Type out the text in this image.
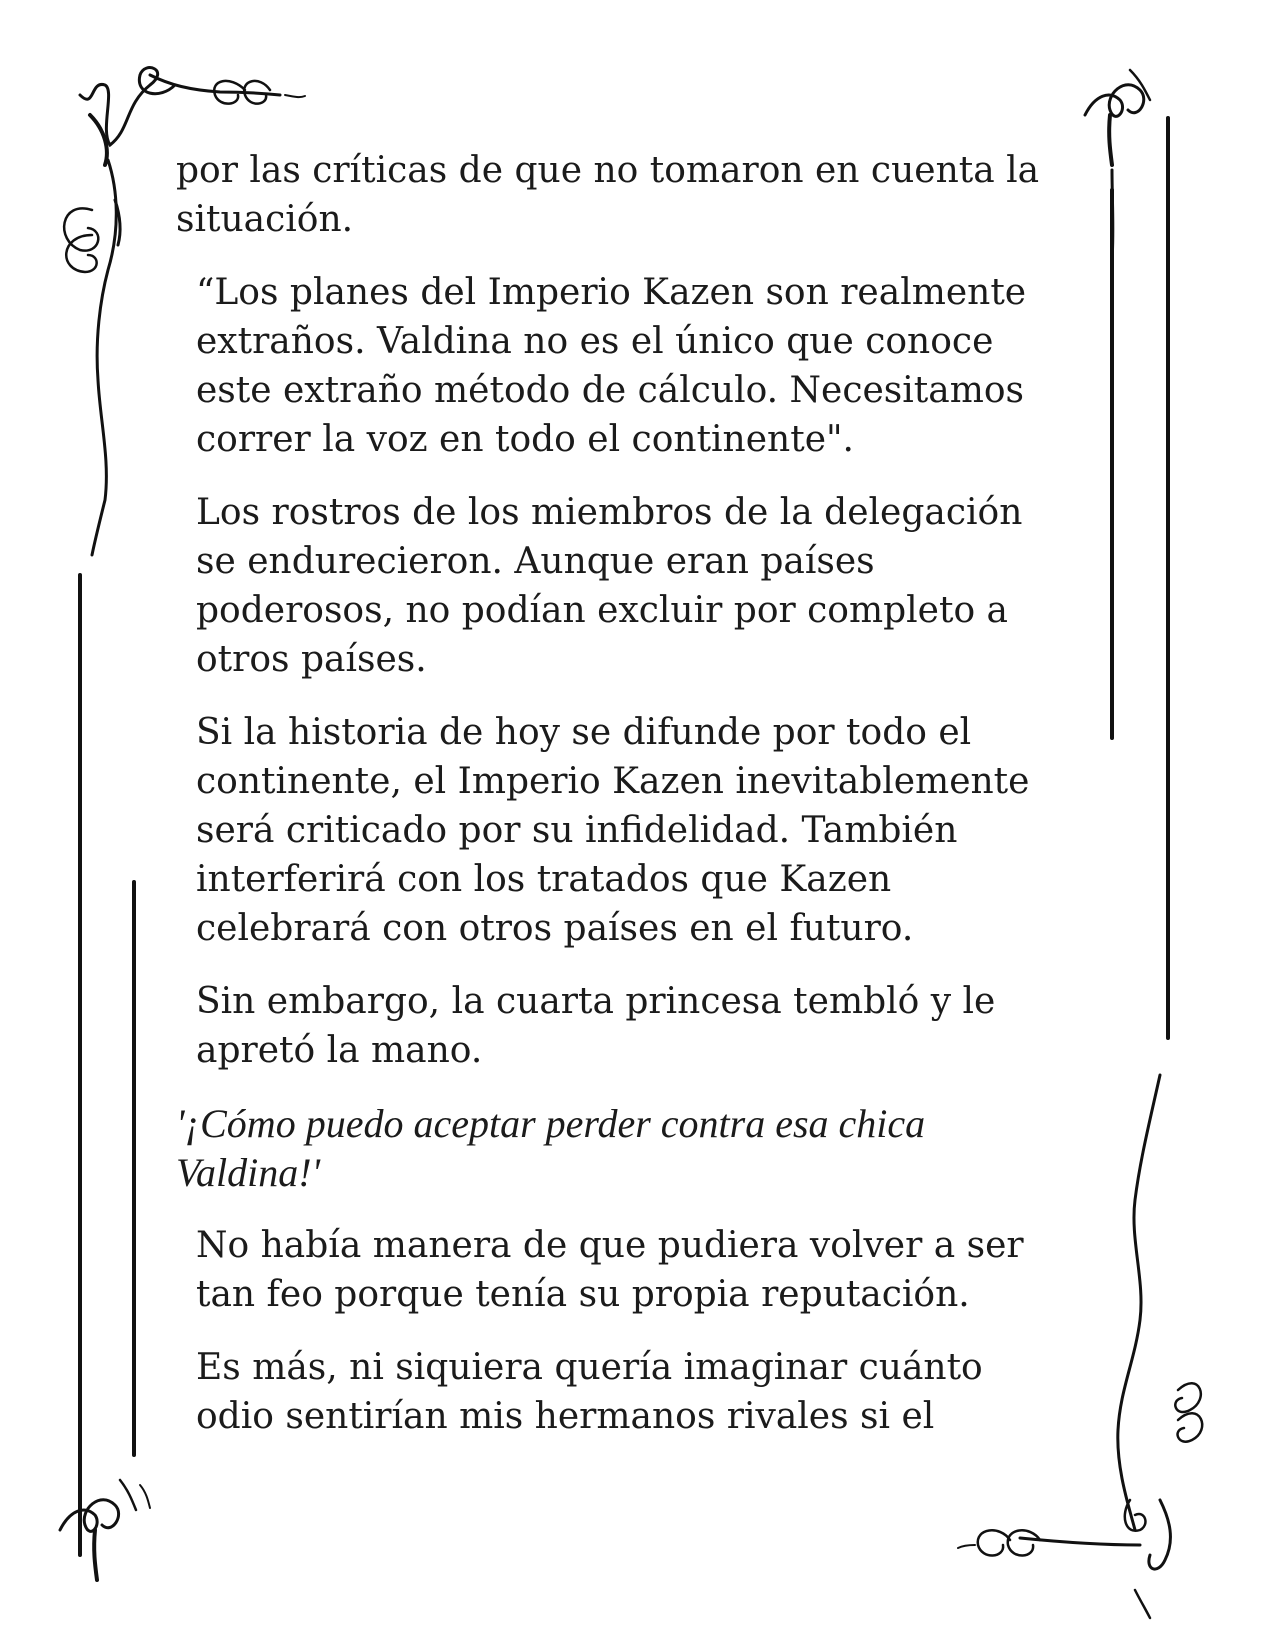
por las críticas de que no tomaron en cuenta la
situación.

“Los planes del Imperio Kazen son realmente
extraños. Valdina no es el único que conoce
este extraño método de cálculo. Necesitamos
correr la voz en todo el continente".

Los rostros de los miembros de la delegación
se endurecieron. Aunque eran países
poderosos, no podían excluir por completo a
otros países.

Si la historia de hoy se difunde por todo el
continente, el Imperio Kazen inevitablemente
será criticado por su infidelidad. También
interferirá con los tratados que Kazen
celebrará con otros países en el futuro.

Sin embargo, la cuarta princesa tembló y le
apretó la mano.

'¡Cómo puedo aceptar perder contra esa chica
Valdina!'

No había manera de que pudiera volver a ser
tan feo porque tenía su propia reputación.

Es más, ni siquiera quería imaginar cuánto
odio sentirían mis hermanos rivales si el
